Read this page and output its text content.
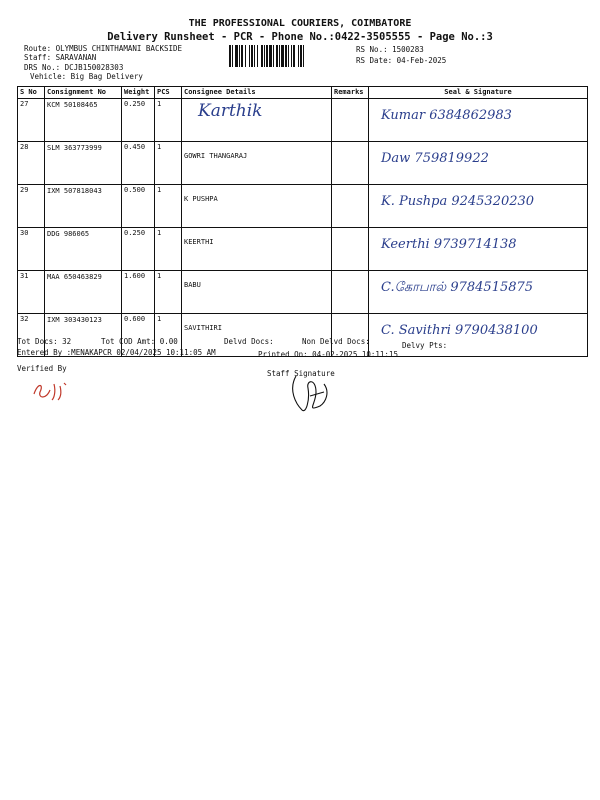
THE PROFESSIONAL COURIERS, COIMBATORE
Delivery Runsheet - PCR - Phone No.:0422-3505555 - Page No.:3
Route: OLYMBUS CHINTHAMANI BACKSIDE
Staff: SARAVANAN
DRS No.: DCJB150028303
Vehicle: Big Bag Delivery
RS No.: 1500283
RS Date: 04-Feb-2025
S No	Consignment No	Weight	PCS	Consignee Details	Remarks	Seal & Signature
27	KCM 50108465	0.250	1	Karthik		Kumar 6384862983

28	SLM 363773999	0.450	1	GOWRI THANGARAJ		Daw 759819922

29	IXM 507818043	0.500	1	K PUSHPA		K. Pushpa 9245320230

30	DDG 986065	0.250	1	KEERTHI		Keerthi 9739714138

31	MAA 650463829	1.600	1	BABU		C.கோபால் 9784515875

32	IXM 303430123	0.600	1	SAVITHIRI		C. Savithri 9790438100
Tot Docs: 32	Tot COD Amt: 0.00	Delvd Docs:	Non Delvd Docs:	Delvy Pts:
Entered By :MENAKAPCR 02/04/2025 10:11:05 AM	Printed On: 04-02-2025 10:11:15
Verified By
Staff Signature
